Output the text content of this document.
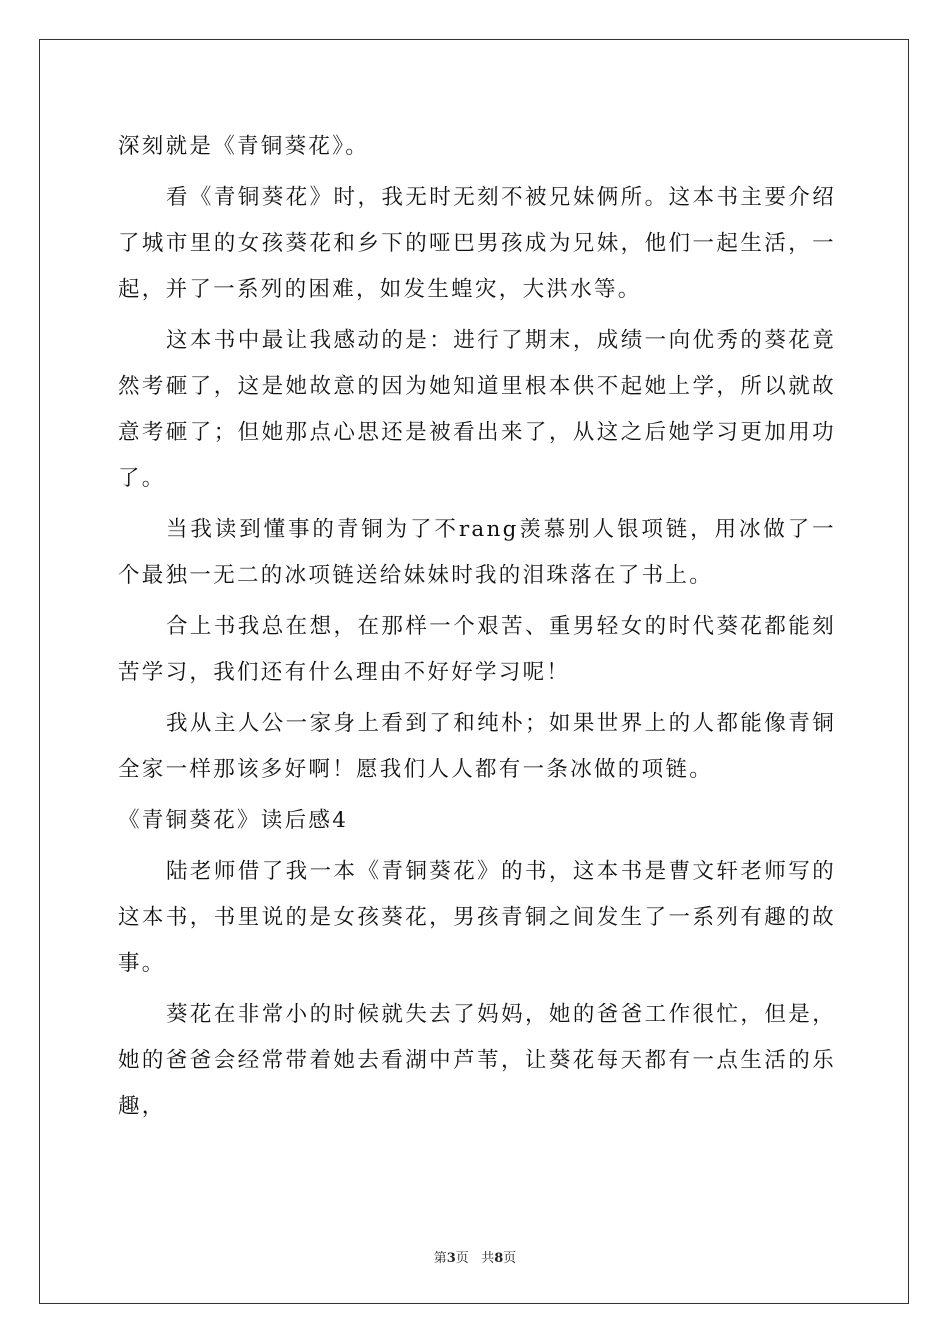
深刻就是《青铜葵花》。

看《青铜葵花》时，我无时无刻不被兄妹俩所。这本书主要介绍了城市里的女孩葵花和乡下的哑巴男孩成为兄妹，他们一起生活，一起，并了一系列的困难，如发生蝗灾，大洪水等。

这本书中最让我感动的是：进行了期末，成绩一向优秀的葵花竟然考砸了，这是她故意的因为她知道里根本供不起她上学，所以就故意考砸了；但她那点心思还是被看出来了，从这之后她学习更加用功了。

当我读到懂事的青铜为了不rang羡慕别人银项链，用冰做了一个最独一无二的冰项链送给妹妹时我的泪珠落在了书上。

合上书我总在想，在那样一个艰苦、重男轻女的时代葵花都能刻苦学习，我们还有什么理由不好好学习呢！

我从主人公一家身上看到了和纯朴；如果世界上的人都能像青铜全家一样那该多好啊！愿我们人人都有一条冰做的项链。

《青铜葵花》读后感4

陆老师借了我一本《青铜葵花》的书，这本书是曹文轩老师写的这本书，书里说的是女孩葵花，男孩青铜之间发生了一系列有趣的故事。

葵花在非常小的时候就失去了妈妈，她的爸爸工作很忙，但是，她的爸爸会经常带着她去看湖中芦苇，让葵花每天都有一点生活的乐趣，

第3页 共8页
